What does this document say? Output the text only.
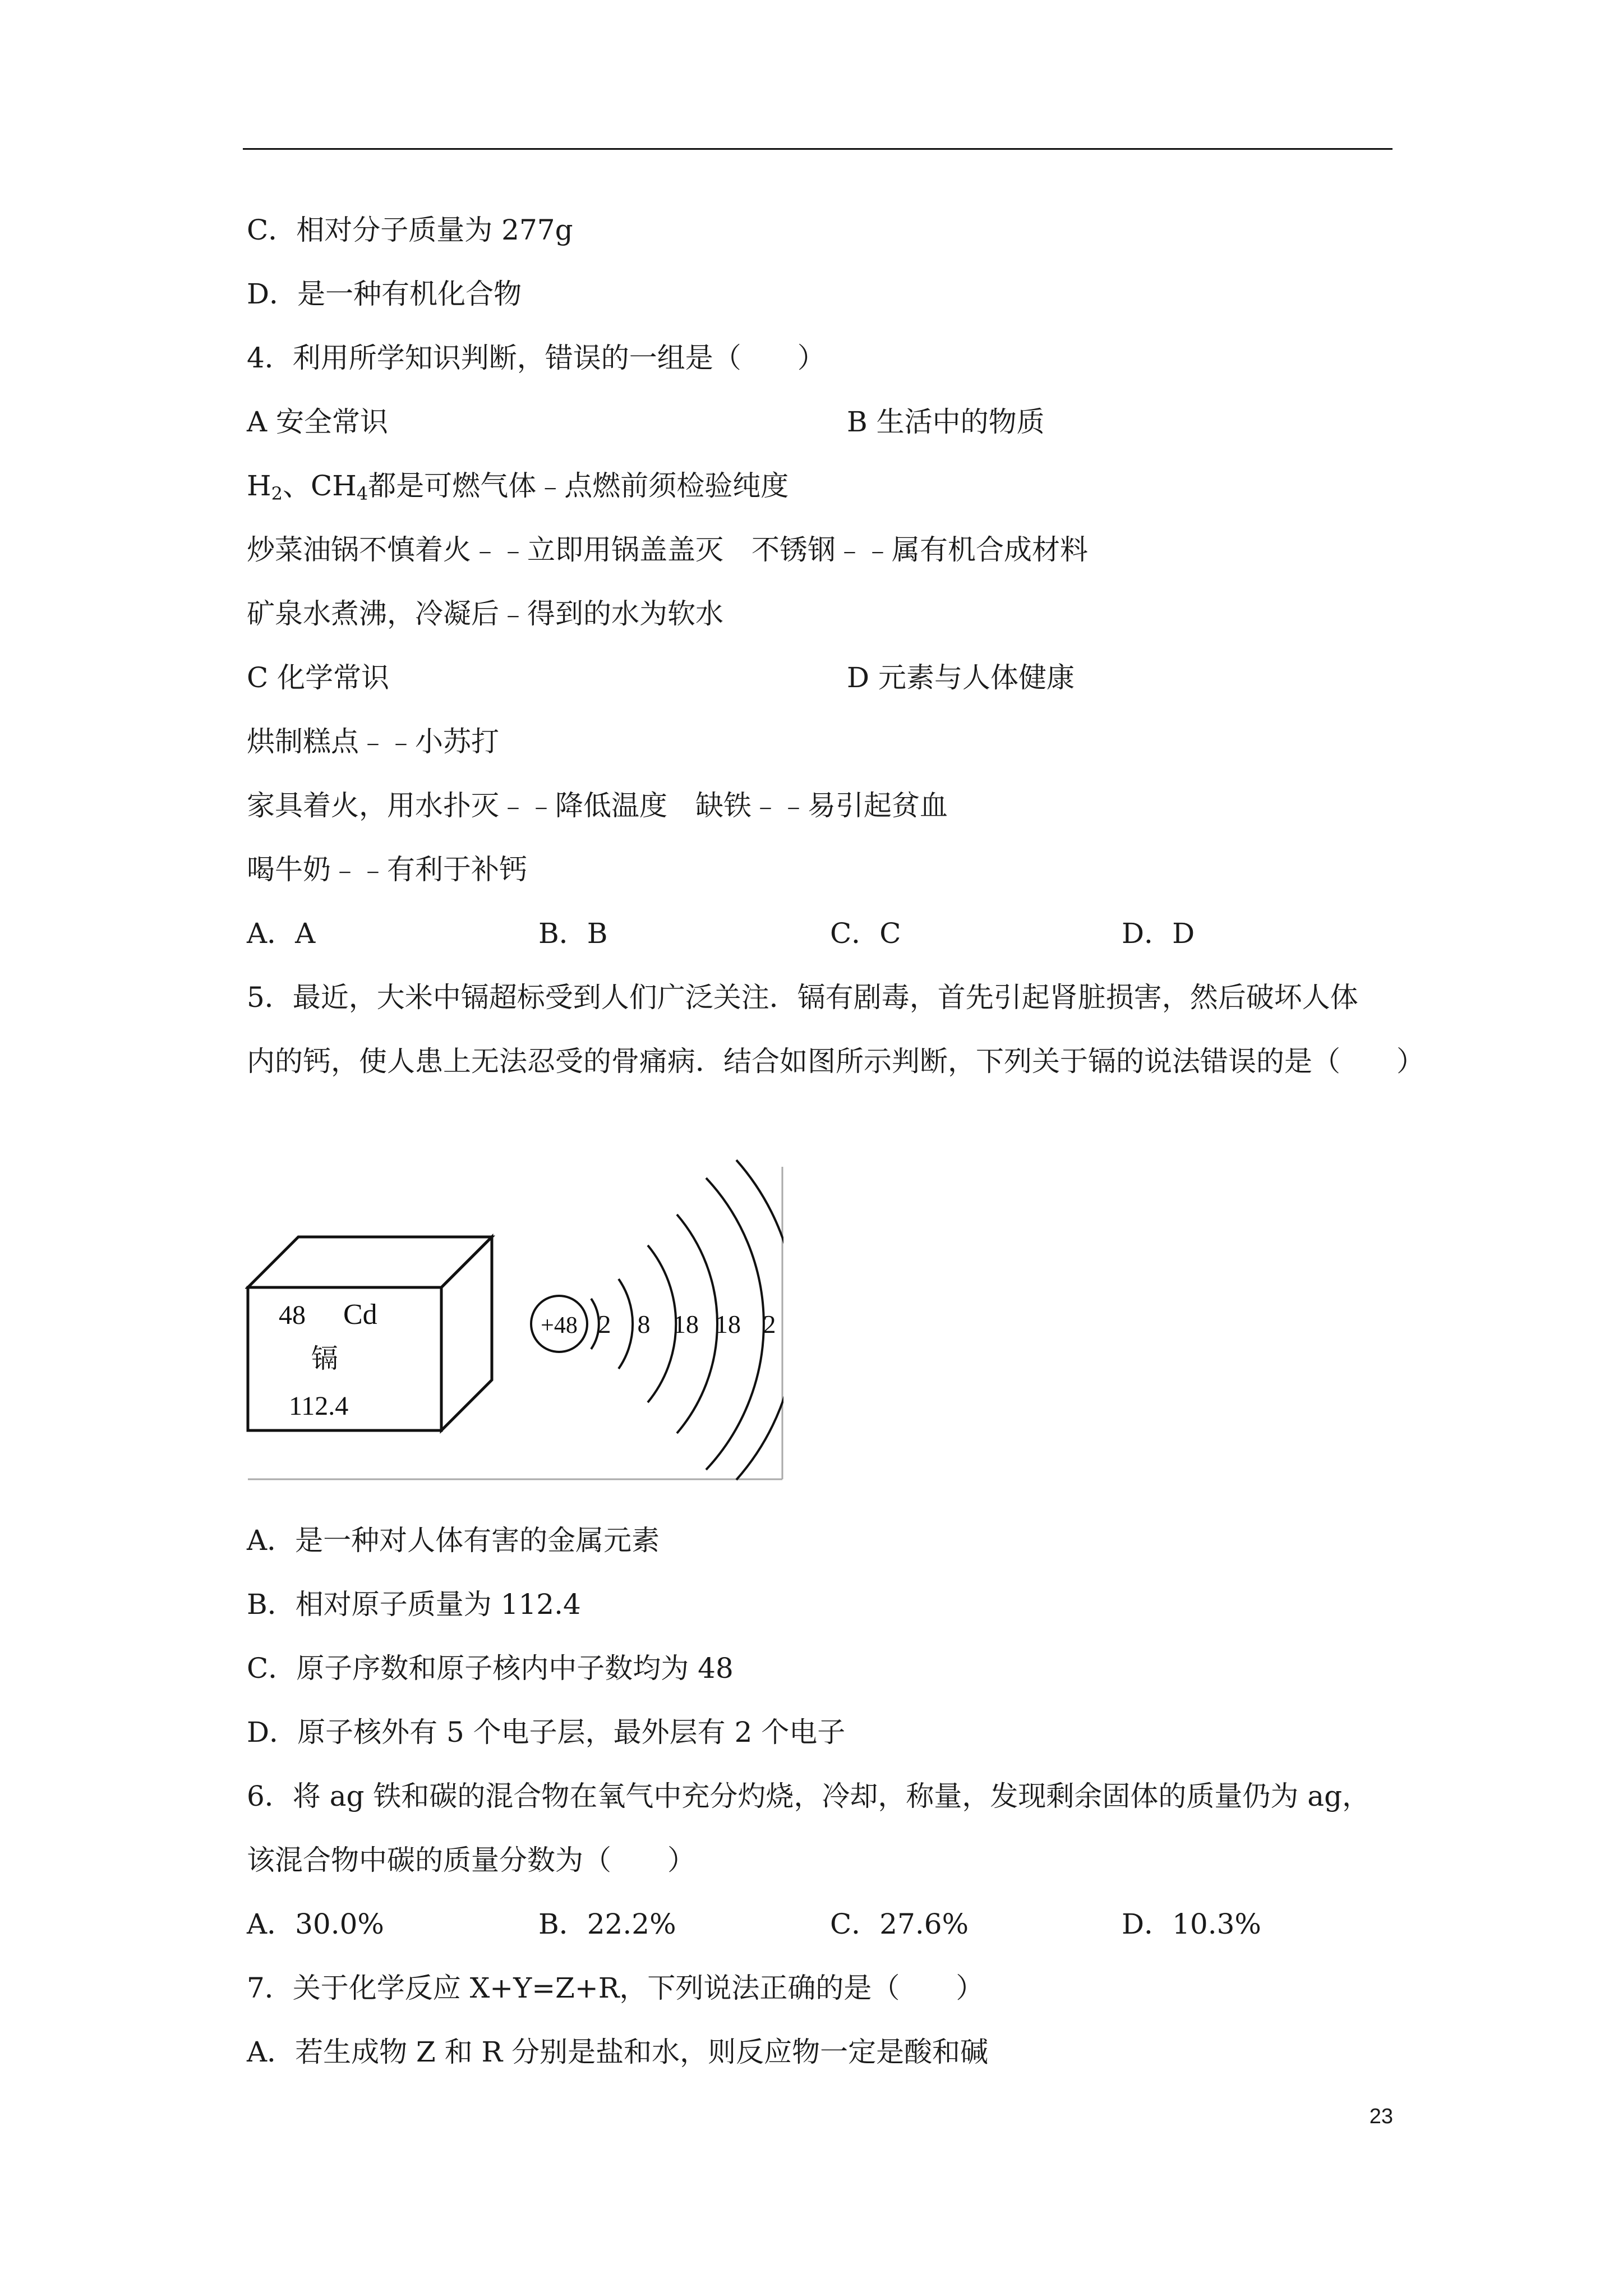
C．相对分子质量为 277g
D．是一种有机化合物
4．利用所学知识判断，错误的一组是（　　）
A 安全常识	B 生活中的物质
$H_2$、$CH_4$都是可燃气体﹣点燃前须检验纯度
炒菜油锅不慎着火﹣﹣立即用锅盖盖灭　不锈钢﹣﹣属有机合成材料
矿泉水煮沸，冷凝后﹣得到的水为软水
C 化学常识	D 元素与人体健康
烘制糕点﹣﹣小苏打
家具着火，用水扑灭﹣﹣降低温度　缺铁﹣﹣易引起贫血
喝牛奶﹣﹣有利于补钙
A．A	B．B	C．C	D．D
5．最近，大米中镉超标受到人们广泛关注．镉有剧毒，首先引起肾脏损害，然后破坏人体
内的钙，使人患上无法忍受的骨痛病．结合如图所示判断，下列关于镉的说法错误的是（　　）
48 Cd
镉
112.4
+48 2 8 18 18 2
A．是一种对人体有害的金属元素
B．相对原子质量为 112.4
C．原子序数和原子核内中子数均为 48
D．原子核外有 5 个电子层，最外层有 2 个电子
6．将 ag 铁和碳的混合物在氧气中充分灼烧，冷却，称量，发现剩余固体的质量仍为 ag，
该混合物中碳的质量分数为（　　）
A．30.0%	B．22.2%	C．27.6%	D．10.3%
7．关于化学反应 X+Y=Z+R，下列说法正确的是（　　）
A．若生成物 Z 和 R 分别是盐和水，则反应物一定是酸和碱
23
